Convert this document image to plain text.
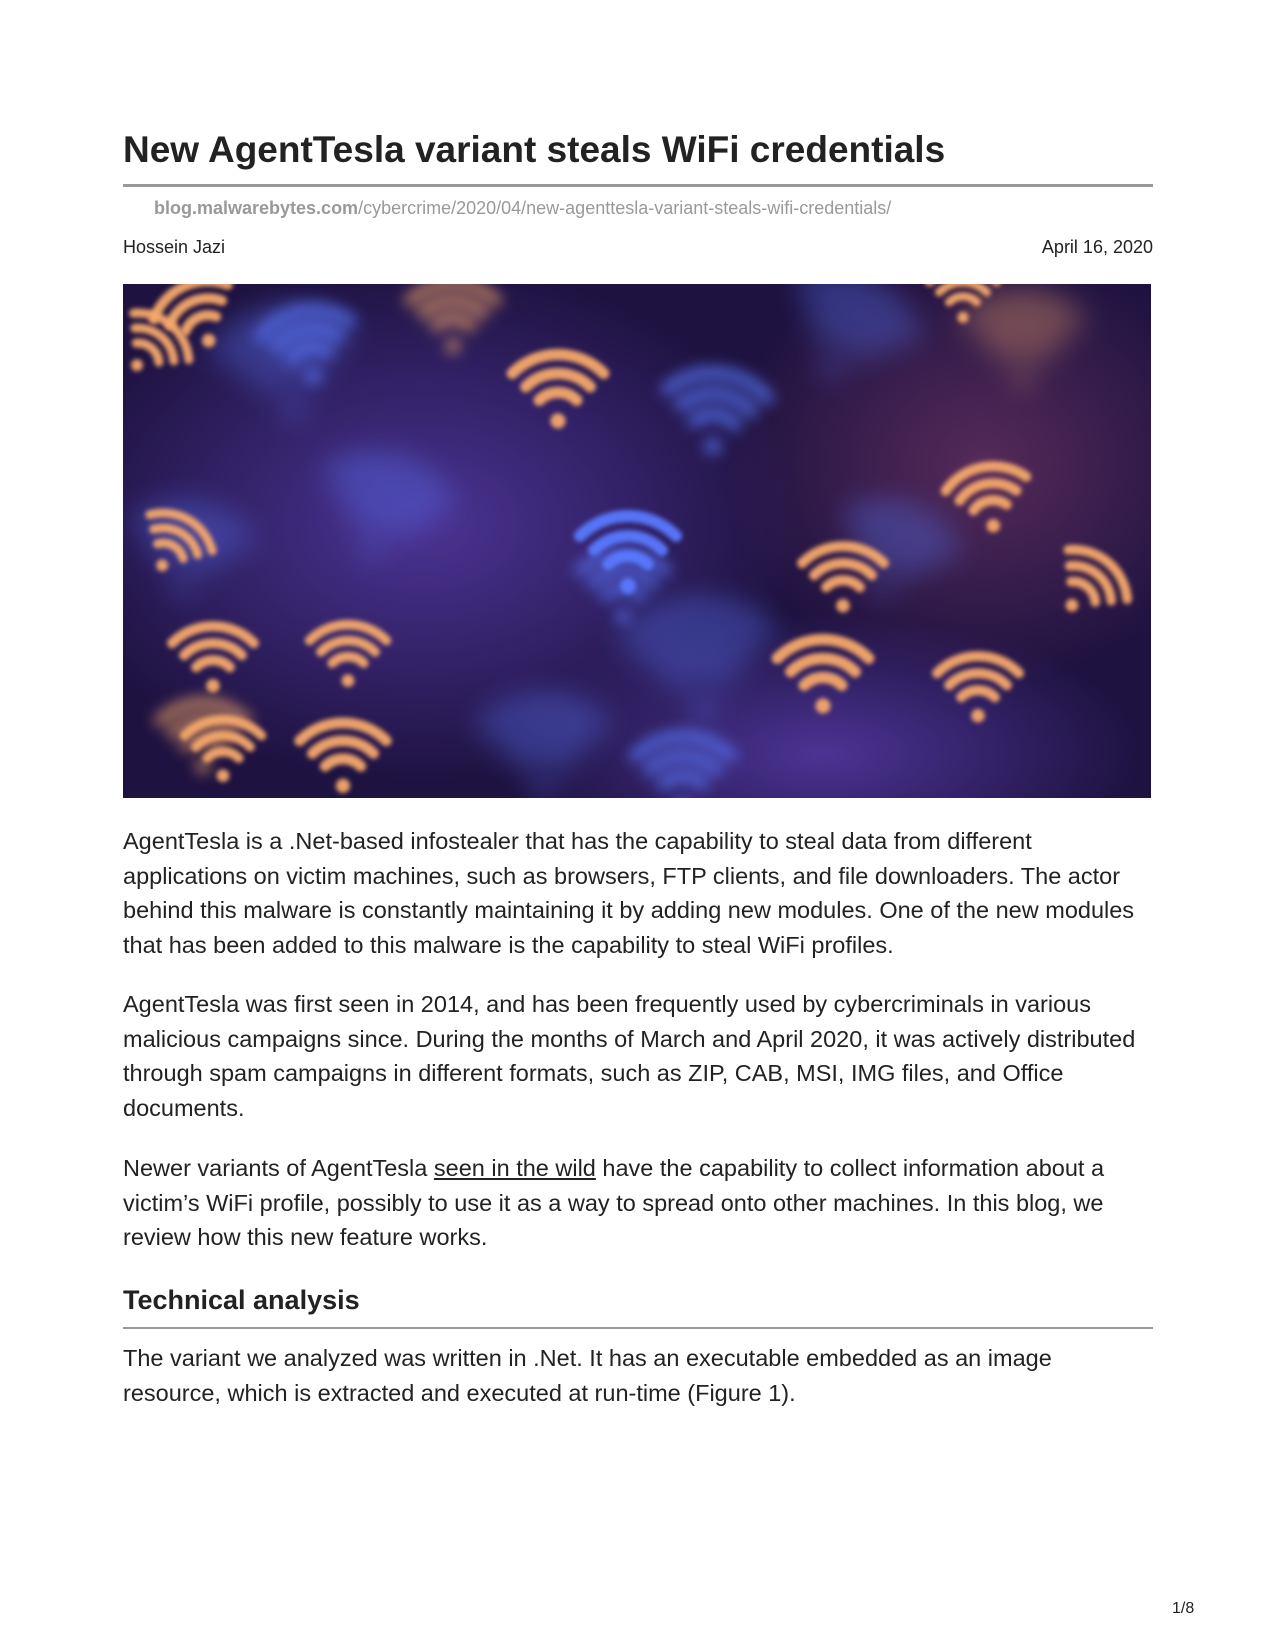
New AgentTesla variant steals WiFi credentials
blog.malwarebytes.com/cybercrime/2020/04/new-agenttesla-variant-steals-wifi-credentials/
Hossein Jazi	April 16, 2020

AgentTesla is a .Net-based infostealer that has the capability to steal data from different applications on victim machines, such as browsers, FTP clients, and file downloaders. The actor behind this malware is constantly maintaining it by adding new modules. One of the new modules that has been added to this malware is the capability to steal WiFi profiles.

AgentTesla was first seen in 2014, and has been frequently used by cybercriminals in various malicious campaigns since. During the months of March and April 2020, it was actively distributed through spam campaigns in different formats, such as ZIP, CAB, MSI, IMG files, and Office documents.

Newer variants of AgentTesla seen in the wild have the capability to collect information about a victim’s WiFi profile, possibly to use it as a way to spread onto other machines. In this blog, we review how this new feature works.

Technical analysis

The variant we analyzed was written in .Net. It has an executable embedded as an image resource, which is extracted and executed at run-time (Figure 1).

1/8
